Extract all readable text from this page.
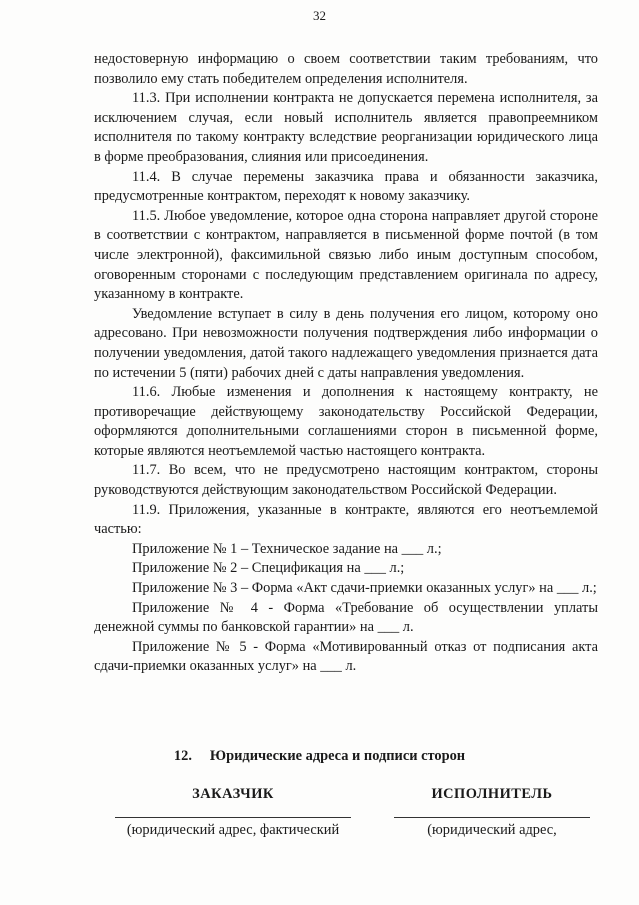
32

недостоверную информацию о своем соответствии таким требованиям, что позволило ему стать победителем определения исполнителя.

11.3. При исполнении контракта не допускается перемена исполнителя, за исключением случая, если новый исполнитель является правопреемником исполнителя по такому контракту вследствие реорганизации юридического лица в форме преобразования, слияния или присоединения.

11.4. В случае перемены заказчика права и обязанности заказчика, предусмотренные контрактом, переходят к новому заказчику.

11.5. Любое уведомление, которое одна сторона направляет другой стороне в соответствии с контрактом, направляется в письменной форме почтой (в том числе электронной), факсимильной связью либо иным доступным способом, оговоренным сторонами с последующим представлением оригинала по адресу, указанному в контракте.

Уведомление вступает в силу в день получения его лицом, которому оно адресовано. При невозможности получения подтверждения либо информации о получении уведомления, датой такого надлежащего уведомления признается дата по истечении 5 (пяти) рабочих дней с даты направления уведомления.

11.6. Любые изменения и дополнения к настоящему контракту, не противоречащие действующему законодательству Российской Федерации, оформляются дополнительными соглашениями сторон в письменной форме, которые являются неотъемлемой частью настоящего контракта.

11.7. Во всем, что не предусмотрено настоящим контрактом, стороны руководствуются действующим законодательством Российской Федерации.

11.9. Приложения, указанные в контракте, являются его неотъемлемой частью:

Приложение № 1 – Техническое задание на ___ л.;

Приложение № 2 – Спецификация на ___ л.;

Приложение № 3 – Форма «Акт сдачи-приемки оказанных услуг» на ___ л.;

Приложение № 4 - Форма «Требование об осуществлении уплаты денежной суммы по банковской гарантии» на ___ л.

Приложение № 5 - Форма «Мотивированный отказ от подписания акта сдачи-приемки оказанных услуг» на ___ л.

12. Юридические адреса и подписи сторон
ЗАКАЗЧИК
(юридический адрес, фактический
ИСПОЛНИТЕЛЬ
(юридический адрес,
